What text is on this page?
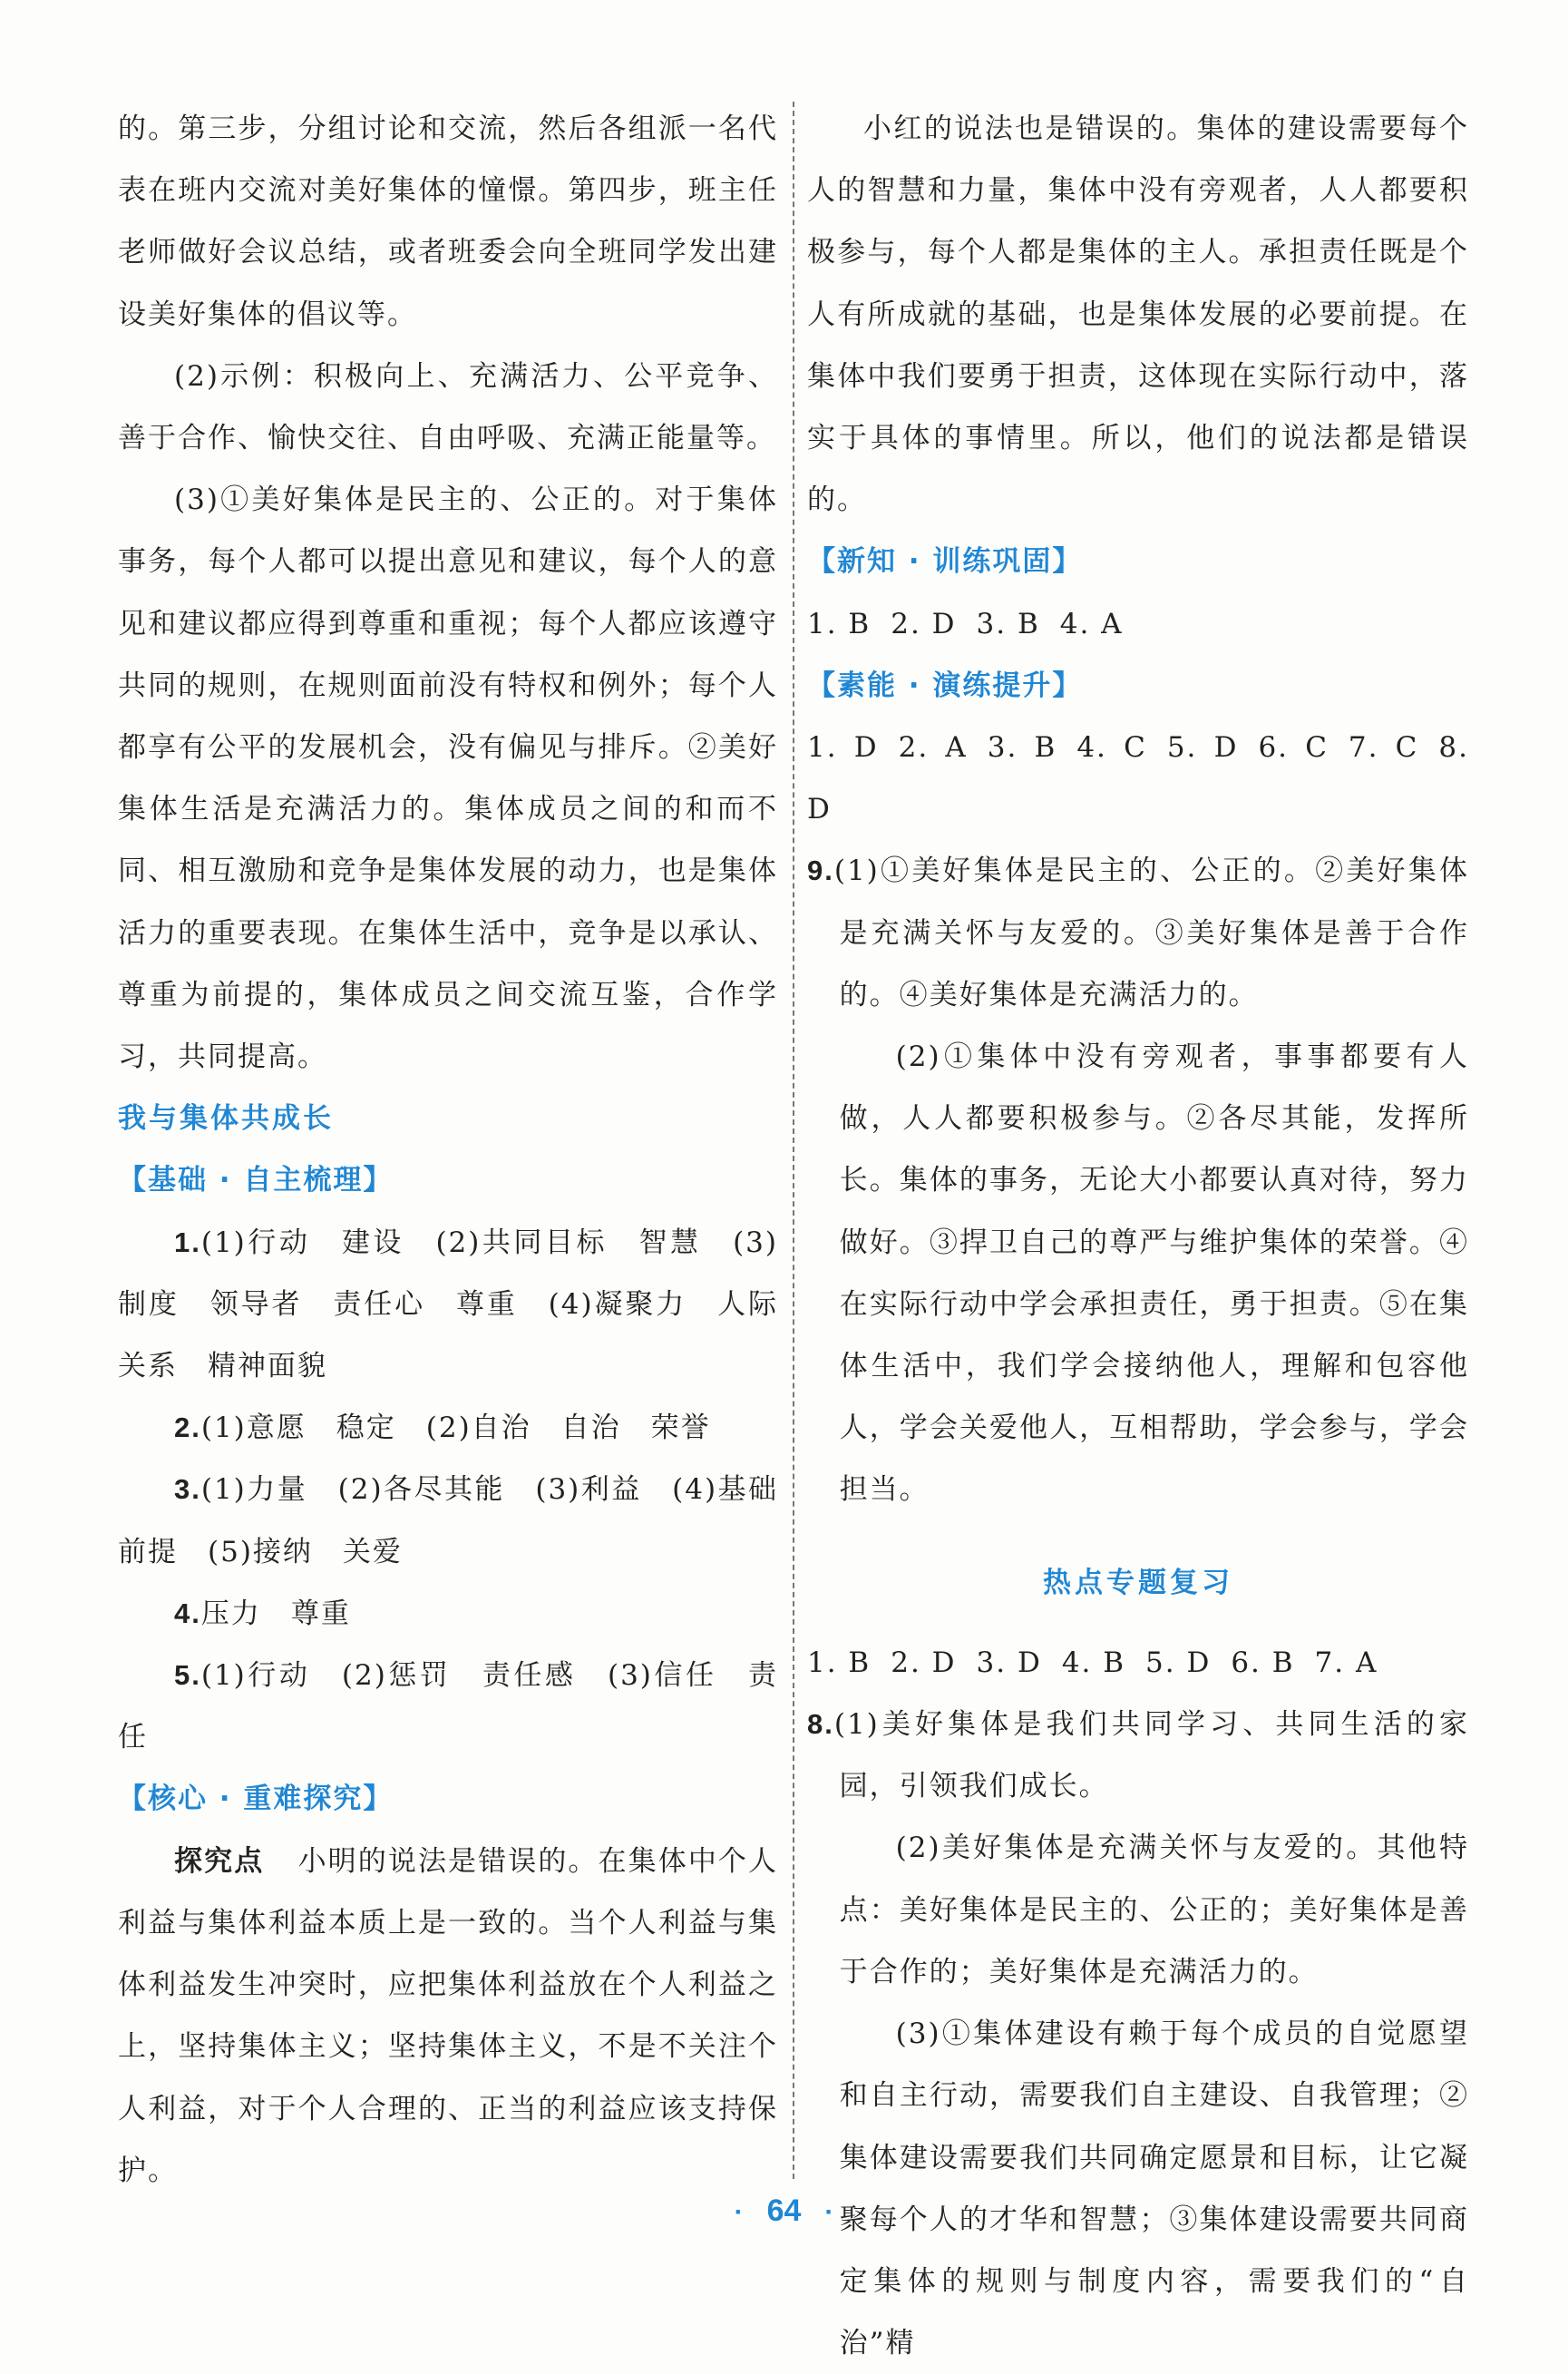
的。第三步，分组讨论和交流，然后各组派一名代表在班内交流对美好集体的憧憬。第四步，班主任老师做好会议总结，或者班委会向全班同学发出建设美好集体的倡议等。

(2)示例：积极向上、充满活力、公平竞争、善于合作、愉快交往、自由呼吸、充满正能量等。

(3)①美好集体是民主的、公正的。对于集体事务，每个人都可以提出意见和建议，每个人的意见和建议都应得到尊重和重视；每个人都应该遵守共同的规则，在规则面前没有特权和例外；每个人都享有公平的发展机会，没有偏见与排斥。②美好集体生活是充满活力的。集体成员之间的和而不同、相互激励和竞争是集体发展的动力，也是集体活力的重要表现。在集体生活中，竞争是以承认、尊重为前提的，集体成员之间交流互鉴，合作学习，共同提高。

我与集体共成长

【基础 · 自主梳理】

1.(1)行动　建设　(2)共同目标　智慧　(3)制度　领导者　责任心　尊重　(4)凝聚力　人际关系　精神面貌

2.(1)意愿　稳定　(2)自治　自治　荣誉

3.(1)力量　(2)各尽其能　(3)利益　(4)基础　前提　(5)接纳　关爱

4.压力　尊重

5.(1)行动　(2)惩罚　责任感　(3)信任　责任

【核心 · 重难探究】

探究点 小明的说法是错误的。在集体中个人利益与集体利益本质上是一致的。当个人利益与集体利益发生冲突时，应把集体利益放在个人利益之上，坚持集体主义；坚持集体主义，不是不关注个人利益，对于个人合理的、正当的利益应该支持保护。

小红的说法也是错误的。集体的建设需要每个人的智慧和力量，集体中没有旁观者，人人都要积极参与，每个人都是集体的主人。承担责任既是个人有所成就的基础，也是集体发展的必要前提。在集体中我们要勇于担责，这体现在实际行动中，落实于具体的事情里。所以，他们的说法都是错误的。

【新知 · 训练巩固】

1. B 2. D 3. B 4. A

【素能 · 演练提升】

1. D 2. A 3. B 4. C 5. D 6. C 7. C 8. D

9.(1)①美好集体是民主的、公正的。②美好集体是充满关怀与友爱的。③美好集体是善于合作的。④美好集体是充满活力的。

(2)①集体中没有旁观者，事事都要有人做，人人都要积极参与。②各尽其能，发挥所长。集体的事务，无论大小都要认真对待，努力做好。③捍卫自己的尊严与维护集体的荣誉。④在实际行动中学会承担责任，勇于担责。⑤在集体生活中，我们学会接纳他人，理解和包容他人，学会关爱他人，互相帮助，学会参与，学会担当。

热点专题复习

1. B 2. D 3. D 4. B 5. D 6. B 7. A

8.(1)美好集体是我们共同学习、共同生活的家园，引领我们成长。

(2)美好集体是充满关怀与友爱的。其他特点：美好集体是民主的、公正的；美好集体是善于合作的；美好集体是充满活力的。

(3)①集体建设有赖于每个成员的自觉愿望和自主行动，需要我们自主建设、自我管理；②集体建设需要我们共同确定愿景和目标，让它凝聚每个人的才华和智慧；③集体建设需要共同商定集体的规则与制度内容，需要我们的“自治”精

· 64 ·
